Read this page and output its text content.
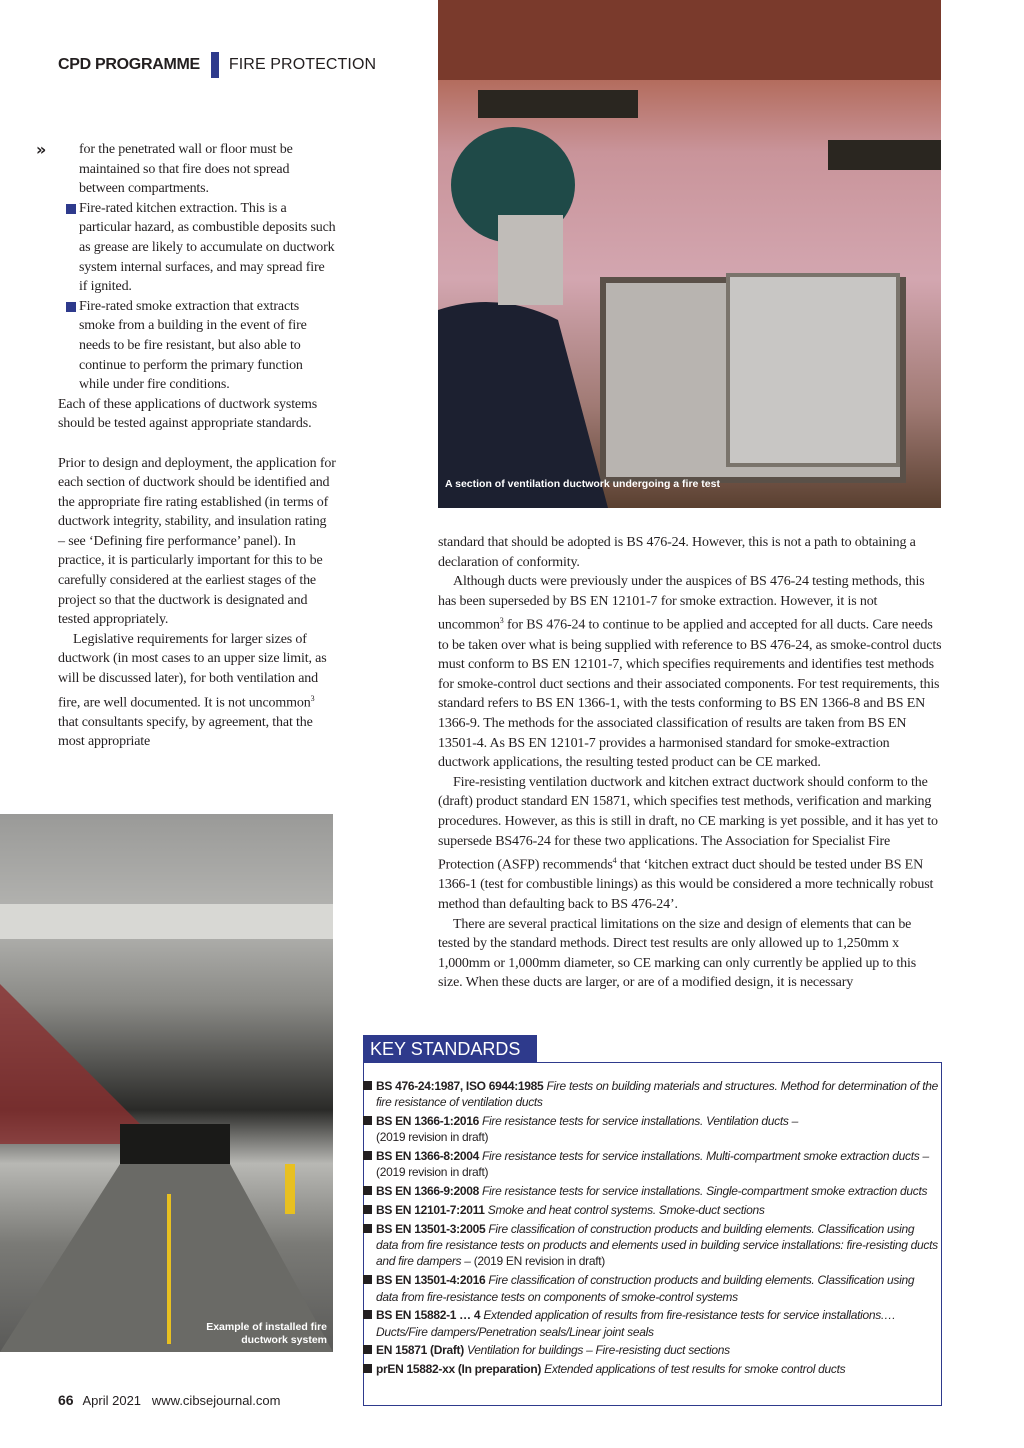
CPD PROGRAMME FIRE PROTECTION
»	for the penetrated wall or floor must be maintained so that fire does not spread between compartments.

Fire-rated kitchen extraction. This is a particular hazard, as combustible deposits such as grease are likely to accumulate on ductwork system internal surfaces, and may spread fire if ignited.

Fire-rated smoke extraction that extracts smoke from a building in the event of fire needs to be fire resistant, but also able to continue to perform the primary function while under fire conditions.

Each of these applications of ductwork systems should be tested against appropriate standards.

Prior to design and deployment, the application for each section of ductwork should be identified and the appropriate fire rating established (in terms of ductwork integrity, stability, and insulation rating – see ‘Defining fire performance’ panel). In practice, it is particularly important for this to be carefully considered at the earliest stages of the project so that the ductwork is designated and tested appropriately.

Legislative requirements for larger sizes of ductwork (in most cases to an upper size limit, as will be discussed later), for both ventilation and fire, are well documented. It is not uncommon$^3$ that consultants specify, by agreement, that the most appropriate

A section of ventilation ductwork undergoing a fire test

standard that should be adopted is BS 476-24. However, this is not a path to obtaining a declaration of conformity.

Although ducts were previously under the auspices of BS 476-24 testing methods, this has been superseded by BS EN 12101-7 for smoke extraction. However, it is not uncommon$^3$ for BS 476-24 to continue to be applied and accepted for all ducts. Care needs to be taken over what is being supplied with reference to BS 476-24, as smoke-control ducts must conform to BS EN 12101-7, which specifies requirements and identifies test methods for smoke-control duct sections and their associated components. For test requirements, this standard refers to BS EN 1366-1, with the tests conforming to BS EN 1366-8 and BS EN 1366-9. The methods for the associated classification of results are taken from BS EN 13501-4. As BS EN 12101-7 provides a harmonised standard for smoke-extraction ductwork applications, the resulting tested product can be CE marked.

Fire-resisting ventilation ductwork and kitchen extract ductwork should conform to the (draft) product standard EN 15871, which specifies test methods, verification and marking procedures. However, as this is still in draft, no CE marking is yet possible, and it has yet to supersede BS476-24 for these two applications. The Association for Specialist Fire Protection (ASFP) recommends$^4$ that ‘kitchen extract duct should be tested under BS EN 1366-1 (test for combustible linings) as this would be considered a more technically robust method than defaulting back to BS 476-24’.

There are several practical limitations on the size and design of elements that can be tested by the standard methods. Direct test results are only allowed up to 1,250mm x 1,000mm or 1,000mm diameter, so CE marking can only currently be applied up to this size. When these ducts are larger, or are of a modified design, it is necessary

Example of installed fire ductwork system
KEY STANDARDS
BS 476-24:1987, ISO 6944:1985 Fire tests on building materials and structures. Method for determination of the fire resistance of ventilation ducts
BS EN 1366-1:2016 Fire resistance tests for service installations. Ventilation ducts –
(2019 revision in draft)
BS EN 1366-8:2004 Fire resistance tests for service installations. Multi-compartment smoke extraction ducts – (2019 revision in draft)
BS EN 1366-9:2008 Fire resistance tests for service installations. Single-compartment smoke extraction ducts
BS EN 12101-7:2011 Smoke and heat control systems. Smoke-duct sections
BS EN 13501-3:2005 Fire classification of construction products and building elements. Classification using data from fire resistance tests on products and elements used in building service installations: fire-resisting ducts and fire dampers – (2019 EN revision in draft)
BS EN 13501-4:2016 Fire classification of construction products and building elements. Classification using data from fire-resistance tests on components of smoke-control systems
BS EN 15882-1 … 4 Extended application of results from fire-resistance tests for service installations.… Ducts/Fire dampers/Penetration seals/Linear joint seals
EN 15871 (Draft) Ventilation for buildings – Fire-resisting duct sections
prEN 15882-xx (In preparation) Extended applications of test results for smoke control ducts
66 April 2021 www.cibsejournal.com
